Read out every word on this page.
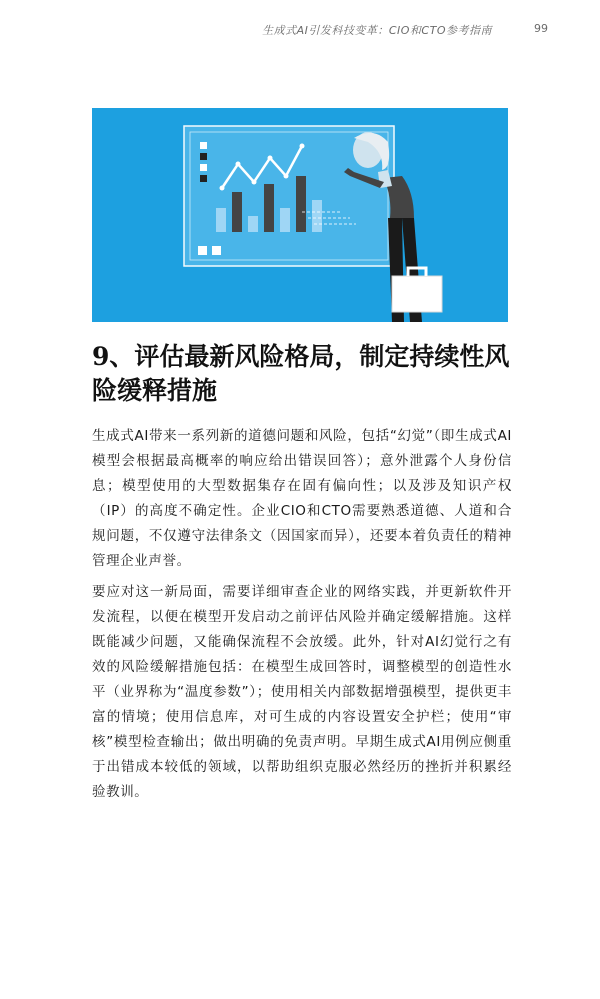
生成式AI引发科技变革：CIO和CTO参考指南	99
9、评估最新风险格局，制定持续性风险缓释措施

生成式AI带来一系列新的道德问题和风险，包括“幻觉”（即生成式AI模型会根据最高概率的响应给出错误回答）；意外泄露个人身份信息；模型使用的大型数据集存在固有偏向性；以及涉及知识产权（IP）的高度不确定性。企业CIO和CTO需要熟悉道德、人道和合规问题，不仅遵守法律条文（因国家而异），还要本着负责任的精神管理企业声誉。

要应对这一新局面，需要详细审查企业的网络实践，并更新软件开发流程，以便在模型开发启动之前评估风险并确定缓解措施。这样既能减少问题，又能确保流程不会放缓。此外，针对AI幻觉行之有效的风险缓解措施包括：在模型生成回答时，调整模型的创造性水平（业界称为“温度参数”）；使用相关内部数据增强模型，提供更丰富的情境；使用信息库，对可生成的内容设置安全护栏；使用“审核”模型检查输出；做出明确的免责声明。早期生成式AI用例应侧重于出错成本较低的领域，以帮助组织克服必然经历的挫折并积累经验教训。
